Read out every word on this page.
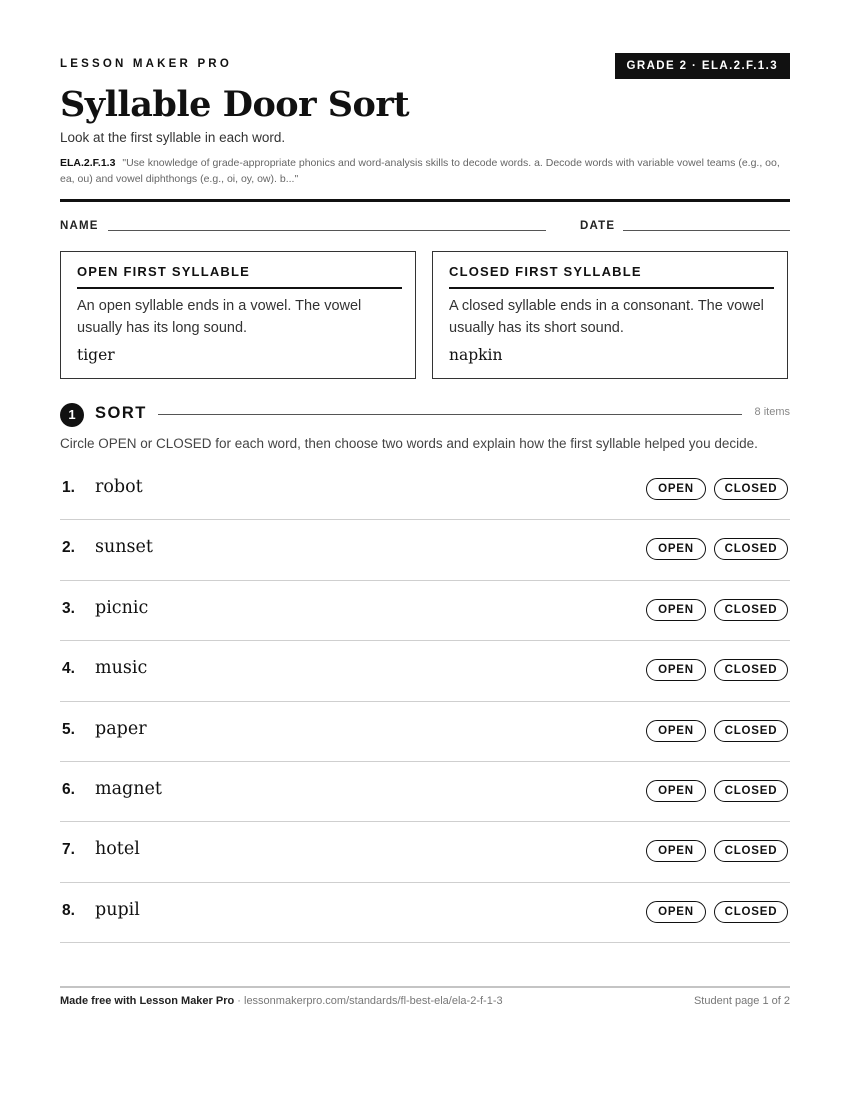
LESSON MAKER PRO	GRADE 2 · ELA.2.F.1.3
Syllable Door Sort
Look at the first syllable in each word.
ELA.2.F.1.3 "Use knowledge of grade-appropriate phonics and word-analysis skills to decode words. a. Decode words with variable vowel teams (e.g., oo, ea, ou) and vowel diphthongs (e.g., oi, oy, ow). b..."
NAME	DATE
OPEN FIRST SYLLABLE
An open syllable ends in a vowel. The vowel usually has its long sound.
tiger
CLOSED FIRST SYLLABLE
A closed syllable ends in a consonant. The vowel usually has its short sound.
napkin
1	SORT	8 items
Circle OPEN or CLOSED for each word, then choose two words and explain how the first syllable helped you decide.
1. robot	OPEN	CLOSED
2. sunset	OPEN	CLOSED
3. picnic	OPEN	CLOSED
4. music	OPEN	CLOSED
5. paper	OPEN	CLOSED
6. magnet	OPEN	CLOSED
7. hotel	OPEN	CLOSED
8. pupil	OPEN	CLOSED
Made free with Lesson Maker Pro · lessonmakerpro.com/standards/fl-best-ela/ela-2-f-1-3	Student page 1 of 2
